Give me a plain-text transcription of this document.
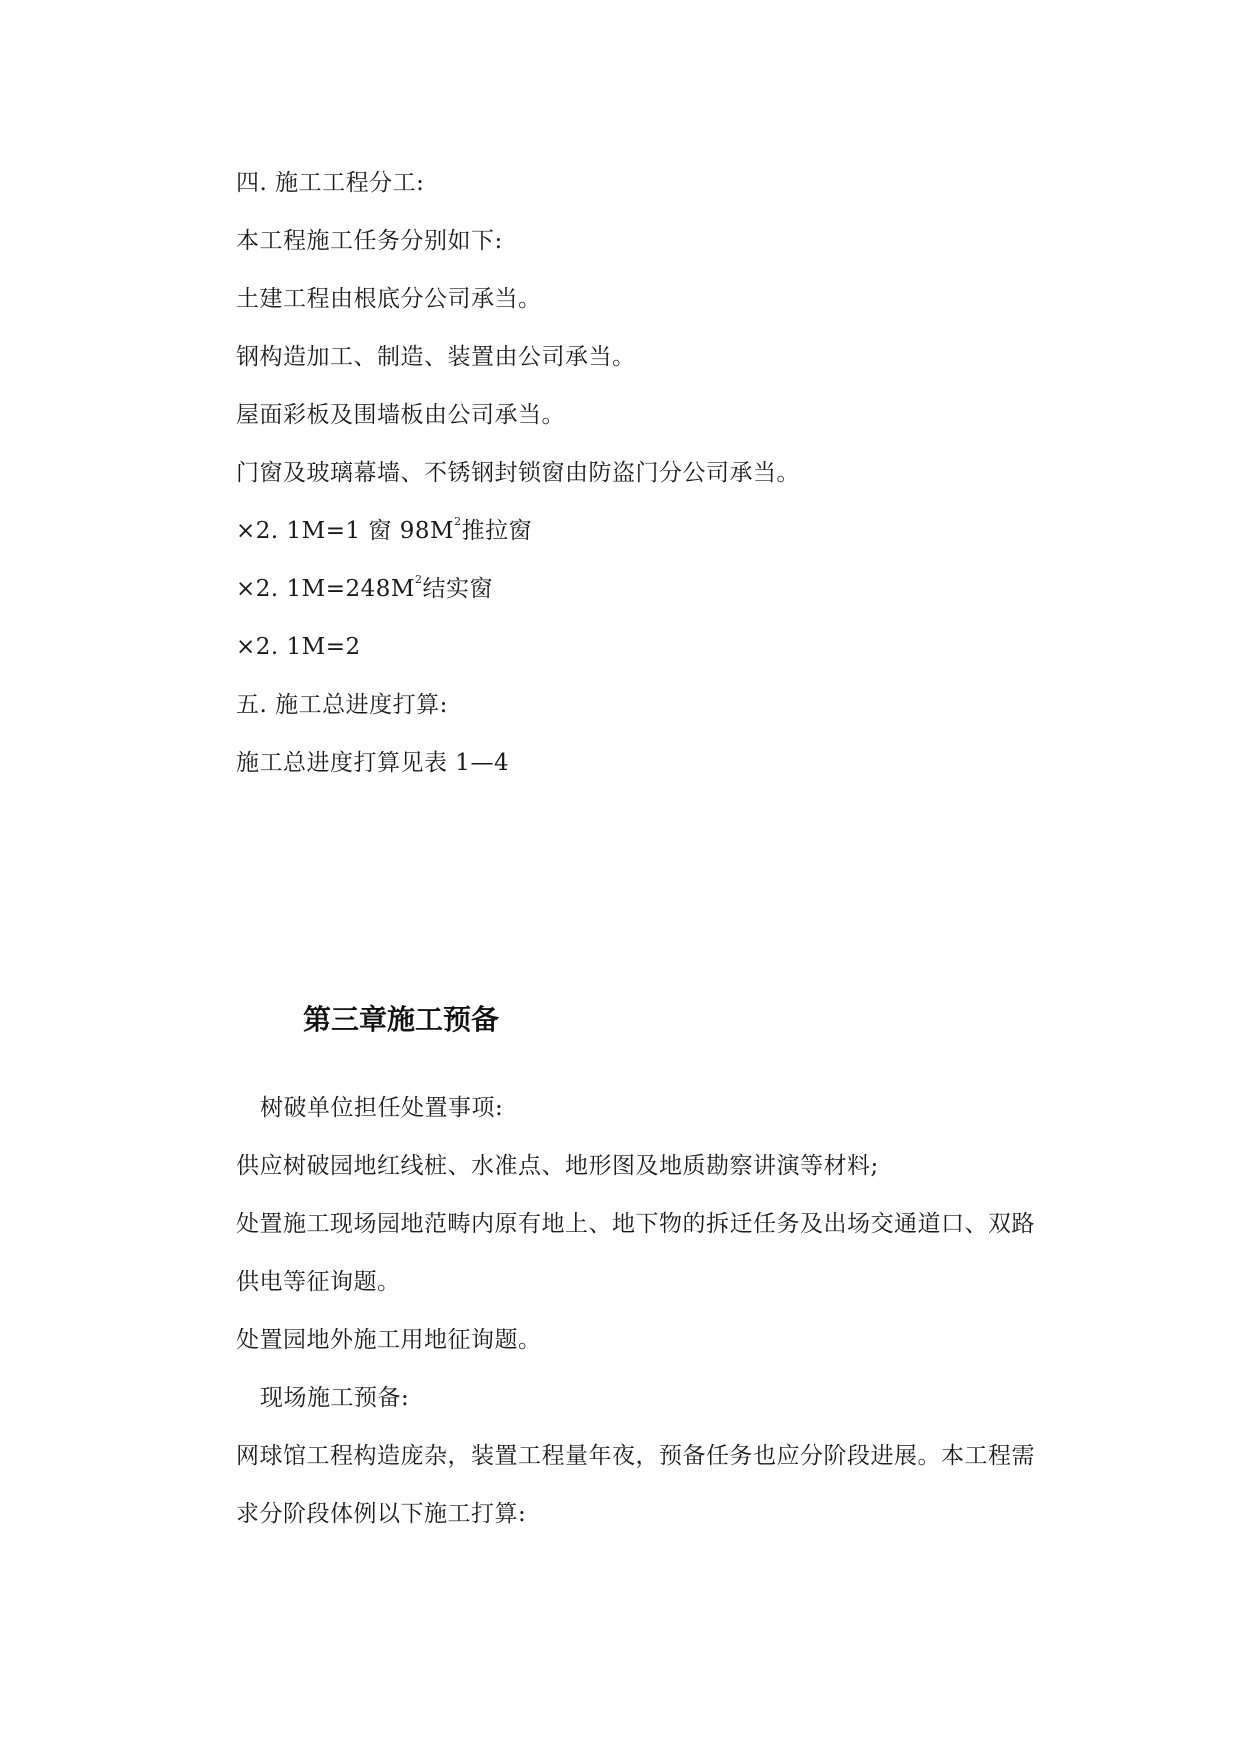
四. 施工工程分工:
本工程施工任务分别如下:
土建工程由根底分公司承当。
钢构造加工、制造、装置由公司承当。
屋面彩板及围墙板由公司承当。
门窗及玻璃幕墙、不锈钢封锁窗由防盗门分公司承当。
×2. 1M=1 窗 $98M^2$推拉窗
×2. $1M=248M^2$结实窗
×2. 1M=2
五. 施工总进度打算:
施工总进度打算见表 1—4
第三章施工预备
树破单位担任处置事项:
供应树破园地红线桩、水准点、地形图及地质勘察讲演等材料;
处置施工现场园地范畴内原有地上、地下物的拆迁任务及出场交通道口、双路
供电等征询题。
处置园地外施工用地征询题。
现场施工预备:
网球馆工程构造庞杂，装置工程量年夜，预备任务也应分阶段进展。本工程需
求分阶段体例以下施工打算:
